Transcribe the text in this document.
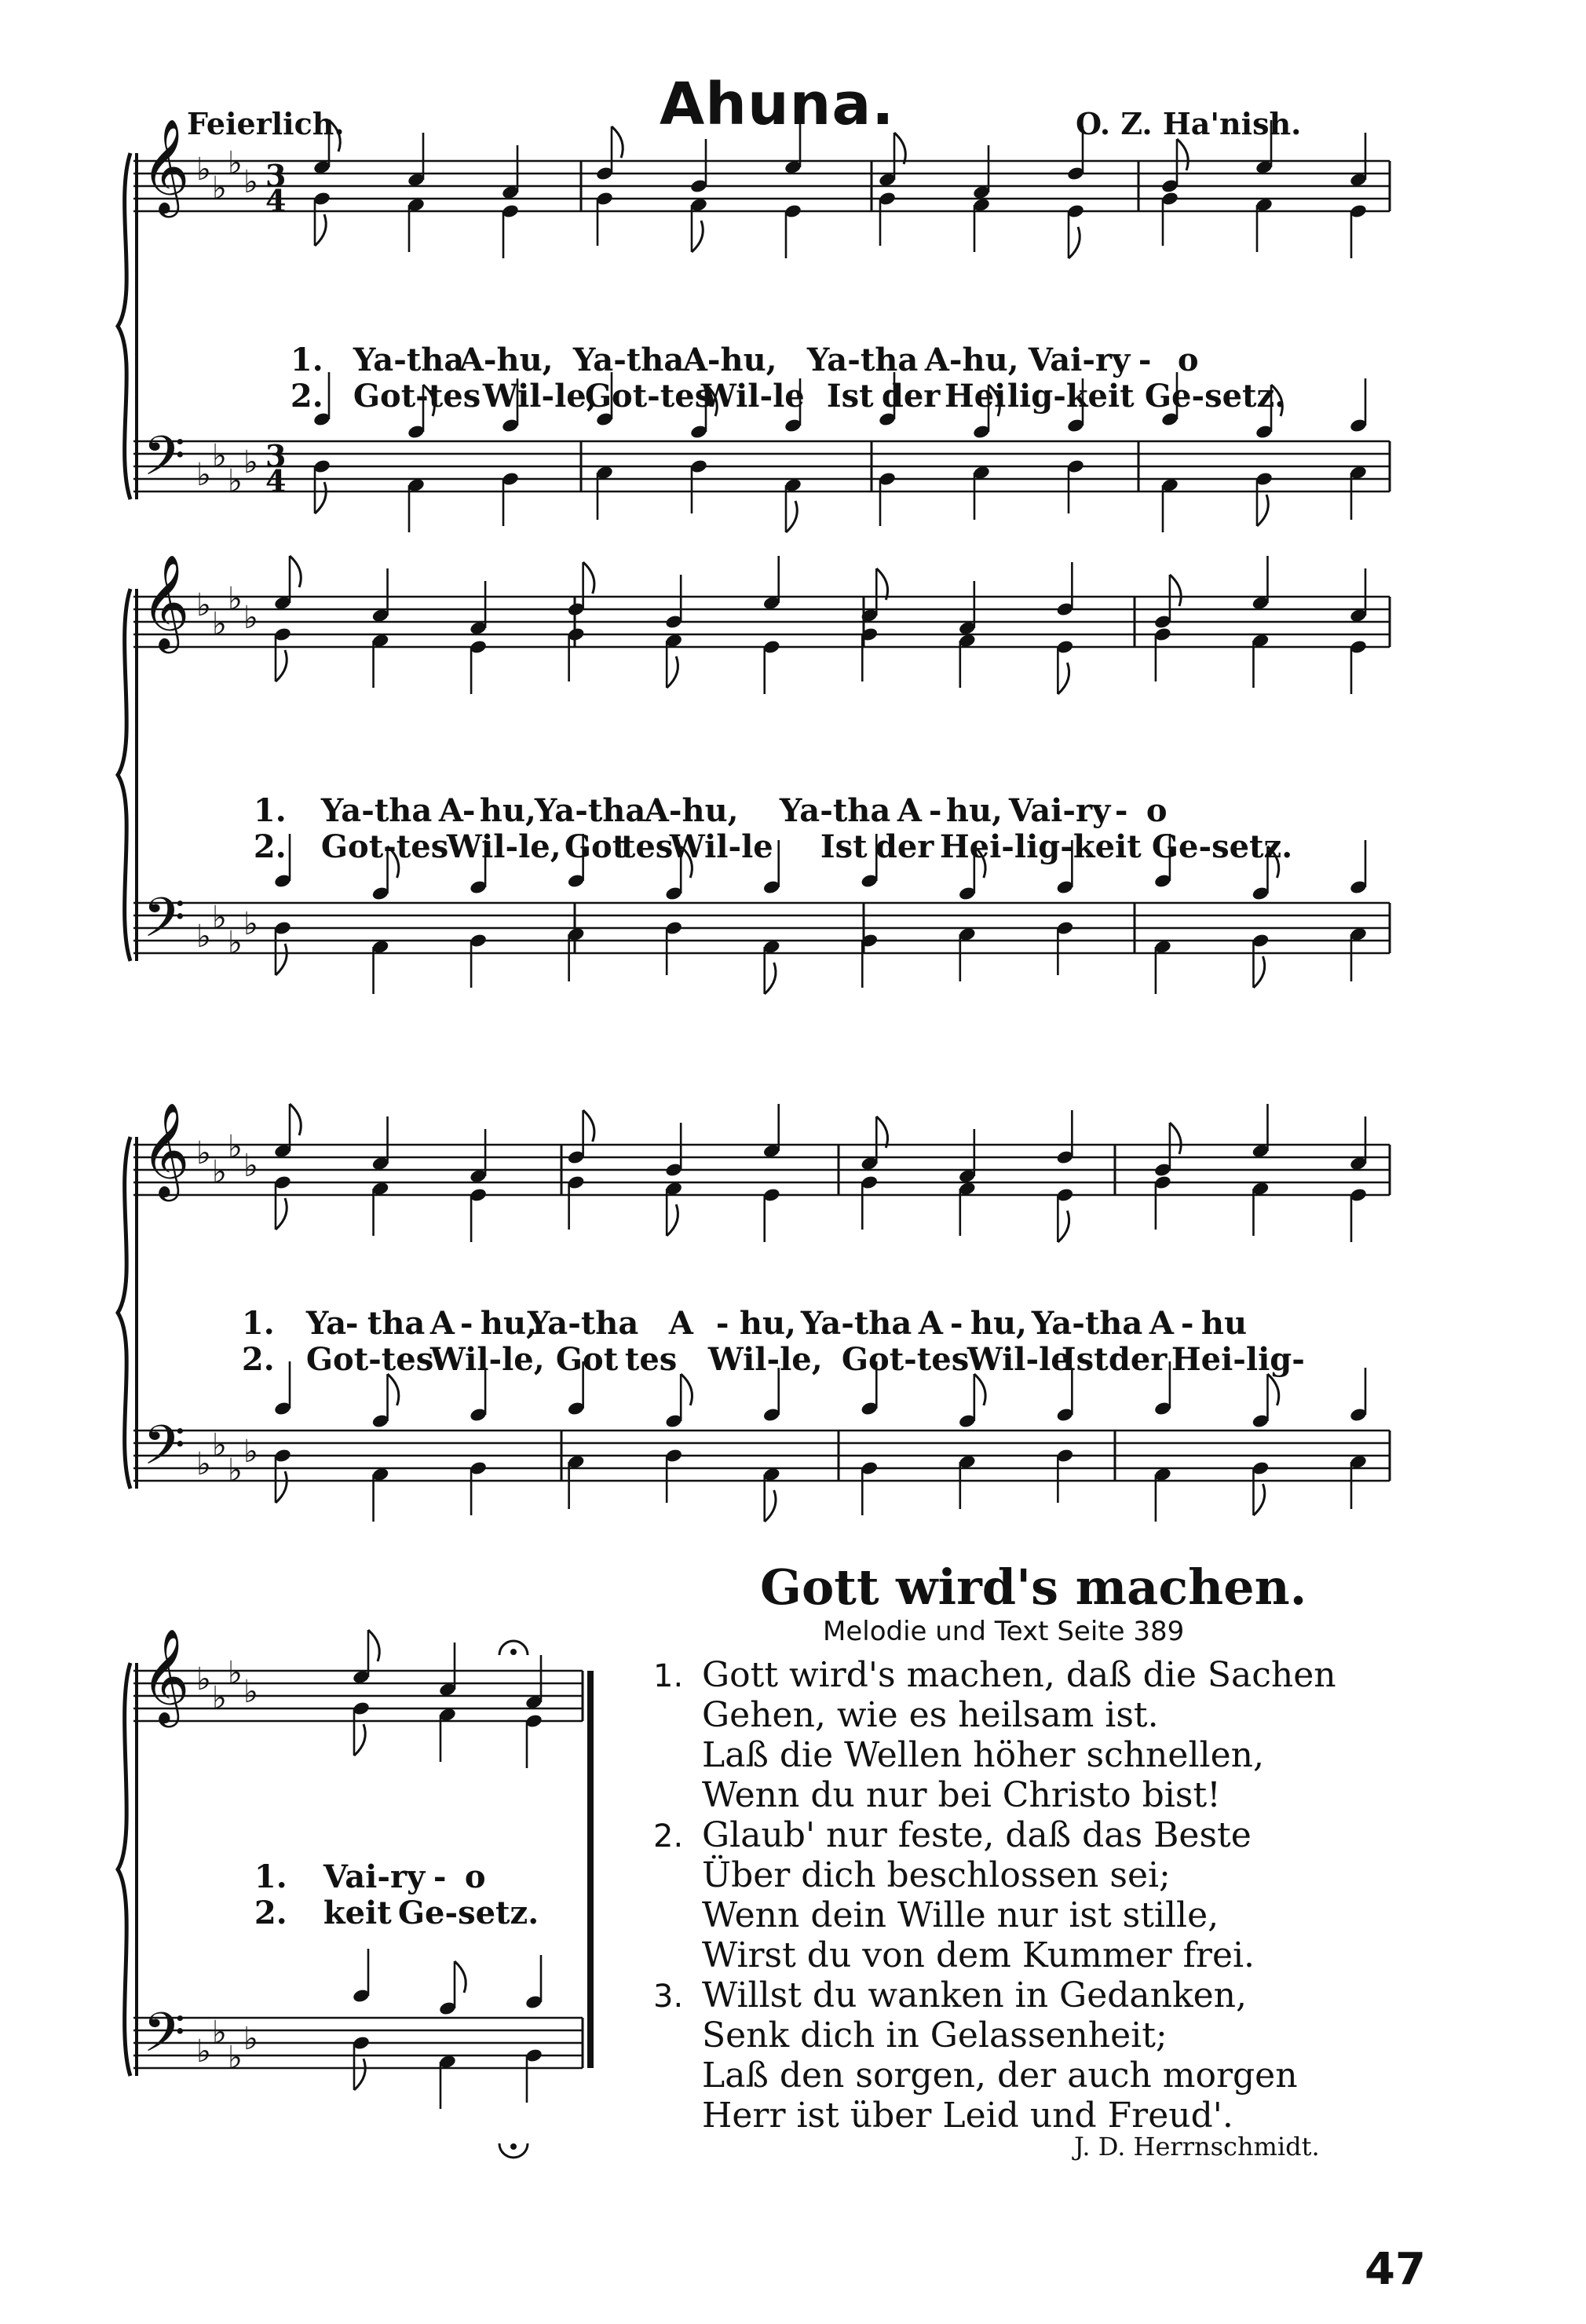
Ahuna.
Feierlich.	O. Z. Ha'nish.
𝄞
𝄢
♭
♭
♭
♭
♭
♭
♭
♭
3
4
3
4
𝄞
𝄢
♭
♭
♭
♭
♭
♭
♭
♭
𝄞
𝄢
♭
♭
♭
♭
♭
♭
♭
♭
𝄞
𝄢
♭
♭
♭
♭
♭
♭
♭
♭

1. Ya-thaA-hu, Ya-thaA-hu, Ya-tha A-hu, Vai-ry - o

2. Got-tesWil-le,Got-tesWil-le Ist der Heilig-keit Ge-setz.

1. Ya-tha A- hu,Ya-thaA-hu, Ya-tha A - hu, Vai-ry - o

2. Got-tesWil-le, GottesWil-le Ist der Hei-lig-keit Ge-setz.

1. Ya- tha A - hu,Ya-tha A - hu, Ya-tha A - hu, Ya-tha A - hu

2. Got-tesWil-le, Got tes Wil-le, Got-tesWil-leIstder Hei-lig-

1. Vai-ry - o

2. keit Ge-setz.

Gott wird's machen.
Melodie und Text Seite 389
1. Gott wird's machen, daß die Sachen
Gehen, wie es heilsam ist.
Laß die Wellen höher schnellen,
Wenn du nur bei Christo bist!
2. Glaub' nur feste, daß das Beste
Über dich beschlossen sei;
Wenn dein Wille nur ist stille,
Wirst du von dem Kummer frei.
3. Willst du wanken in Gedanken,
Senk dich in Gelassenheit;
Laß den sorgen, der auch morgen
Herr ist über Leid und Freud'.
J. D. Herrnschmidt.
47
